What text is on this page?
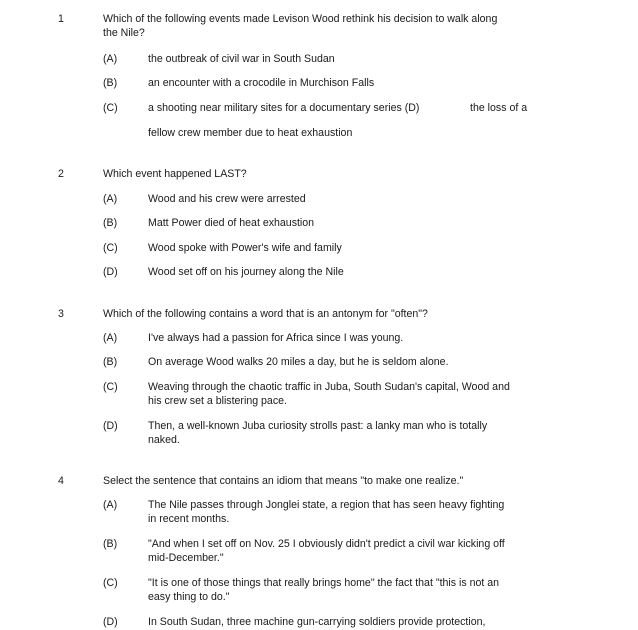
1	Which of the following events made Levison Wood rethink his decision to walk along
the Nile?
(A)	the outbreak of civil war in South Sudan
(B)	an encounter with a crocodile in Murchison Falls
(C)	a shooting near military sites for a documentary series (D)	the loss of a
fellow crew member due to heat exhaustion
2	Which event happened LAST?
(A)	Wood and his crew were arrested
(B)	Matt Power died of heat exhaustion
(C)	Wood spoke with Power's wife and family
(D)	Wood set off on his journey along the Nile
3	Which of the following contains a word that is an antonym for "often"?
(A)	I've always had a passion for Africa since I was young.
(B)	On average Wood walks 20 miles a day, but he is seldom alone.
(C)	Weaving through the chaotic traffic in Juba, South Sudan's capital, Wood and
his crew set a blistering pace.
(D)	Then, a well-known Juba curiosity strolls past: a lanky man who is totally
naked.
4	Select the sentence that contains an idiom that means "to make one realize."
(A)	The Nile passes through Jonglei state, a region that has seen heavy fighting
in recent months.
(B)	"And when I set off on Nov. 25 I obviously didn't predict a civil war kicking off
mid-December."
(C)	"It is one of those things that really brings home" the fact that "this is not an
easy thing to do."
(D)	In South Sudan, three machine gun-carrying soldiers provide protection,
